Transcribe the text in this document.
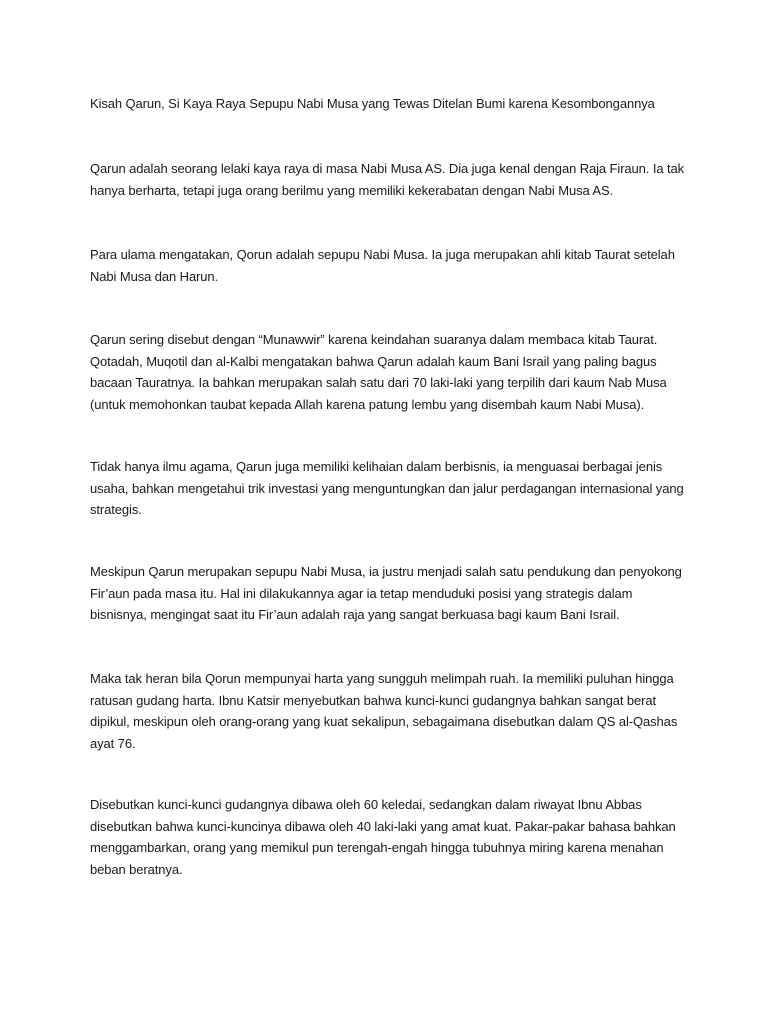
Kisah Qarun, Si Kaya Raya Sepupu Nabi Musa yang Tewas Ditelan Bumi karena Kesombongannya

Qarun adalah seorang lelaki kaya raya di masa Nabi Musa AS. Dia juga kenal dengan Raja Firaun. Ia tak hanya berharta, tetapi juga orang berilmu yang memiliki kekerabatan dengan Nabi Musa AS.

Para ulama mengatakan, Qorun adalah sepupu Nabi Musa. Ia juga merupakan ahli kitab Taurat setelah Nabi Musa dan Harun.

Qarun sering disebut dengan “Munawwir” karena keindahan suaranya dalam membaca kitab Taurat. Qotadah, Muqotil dan al-Kalbi mengatakan bahwa Qarun adalah kaum Bani Israil yang paling bagus bacaan Tauratnya. Ia bahkan merupakan salah satu dari 70 laki-laki yang terpilih dari kaum Nab Musa (untuk memohonkan taubat kepada Allah karena patung lembu yang disembah kaum Nabi Musa).

Tidak hanya ilmu agama, Qarun juga memiliki kelihaian dalam berbisnis, ia menguasai berbagai jenis usaha, bahkan mengetahui trik investasi yang menguntungkan dan jalur perdagangan internasional yang strategis.

Meskipun Qarun merupakan sepupu Nabi Musa, ia justru menjadi salah satu pendukung dan penyokong Fir’aun pada masa itu. Hal ini dilakukannya agar ia tetap menduduki posisi yang strategis dalam bisnisnya, mengingat saat itu Fir’aun adalah raja yang sangat berkuasa bagi kaum Bani Israil.

Maka tak heran bila Qorun mempunyai harta yang sungguh melimpah ruah. Ia memiliki puluhan hingga ratusan gudang harta. Ibnu Katsir menyebutkan bahwa kunci-kunci gudangnya bahkan sangat berat dipikul, meskipun oleh orang-orang yang kuat sekalipun, sebagaimana disebutkan dalam QS al-Qashas ayat 76.

Disebutkan kunci-kunci gudangnya dibawa oleh 60 keledai, sedangkan dalam riwayat Ibnu Abbas disebutkan bahwa kunci-kuncinya dibawa oleh 40 laki-laki yang amat kuat. Pakar-pakar bahasa bahkan menggambarkan, orang yang memikul pun terengah-engah hingga tubuhnya miring karena menahan beban beratnya.
